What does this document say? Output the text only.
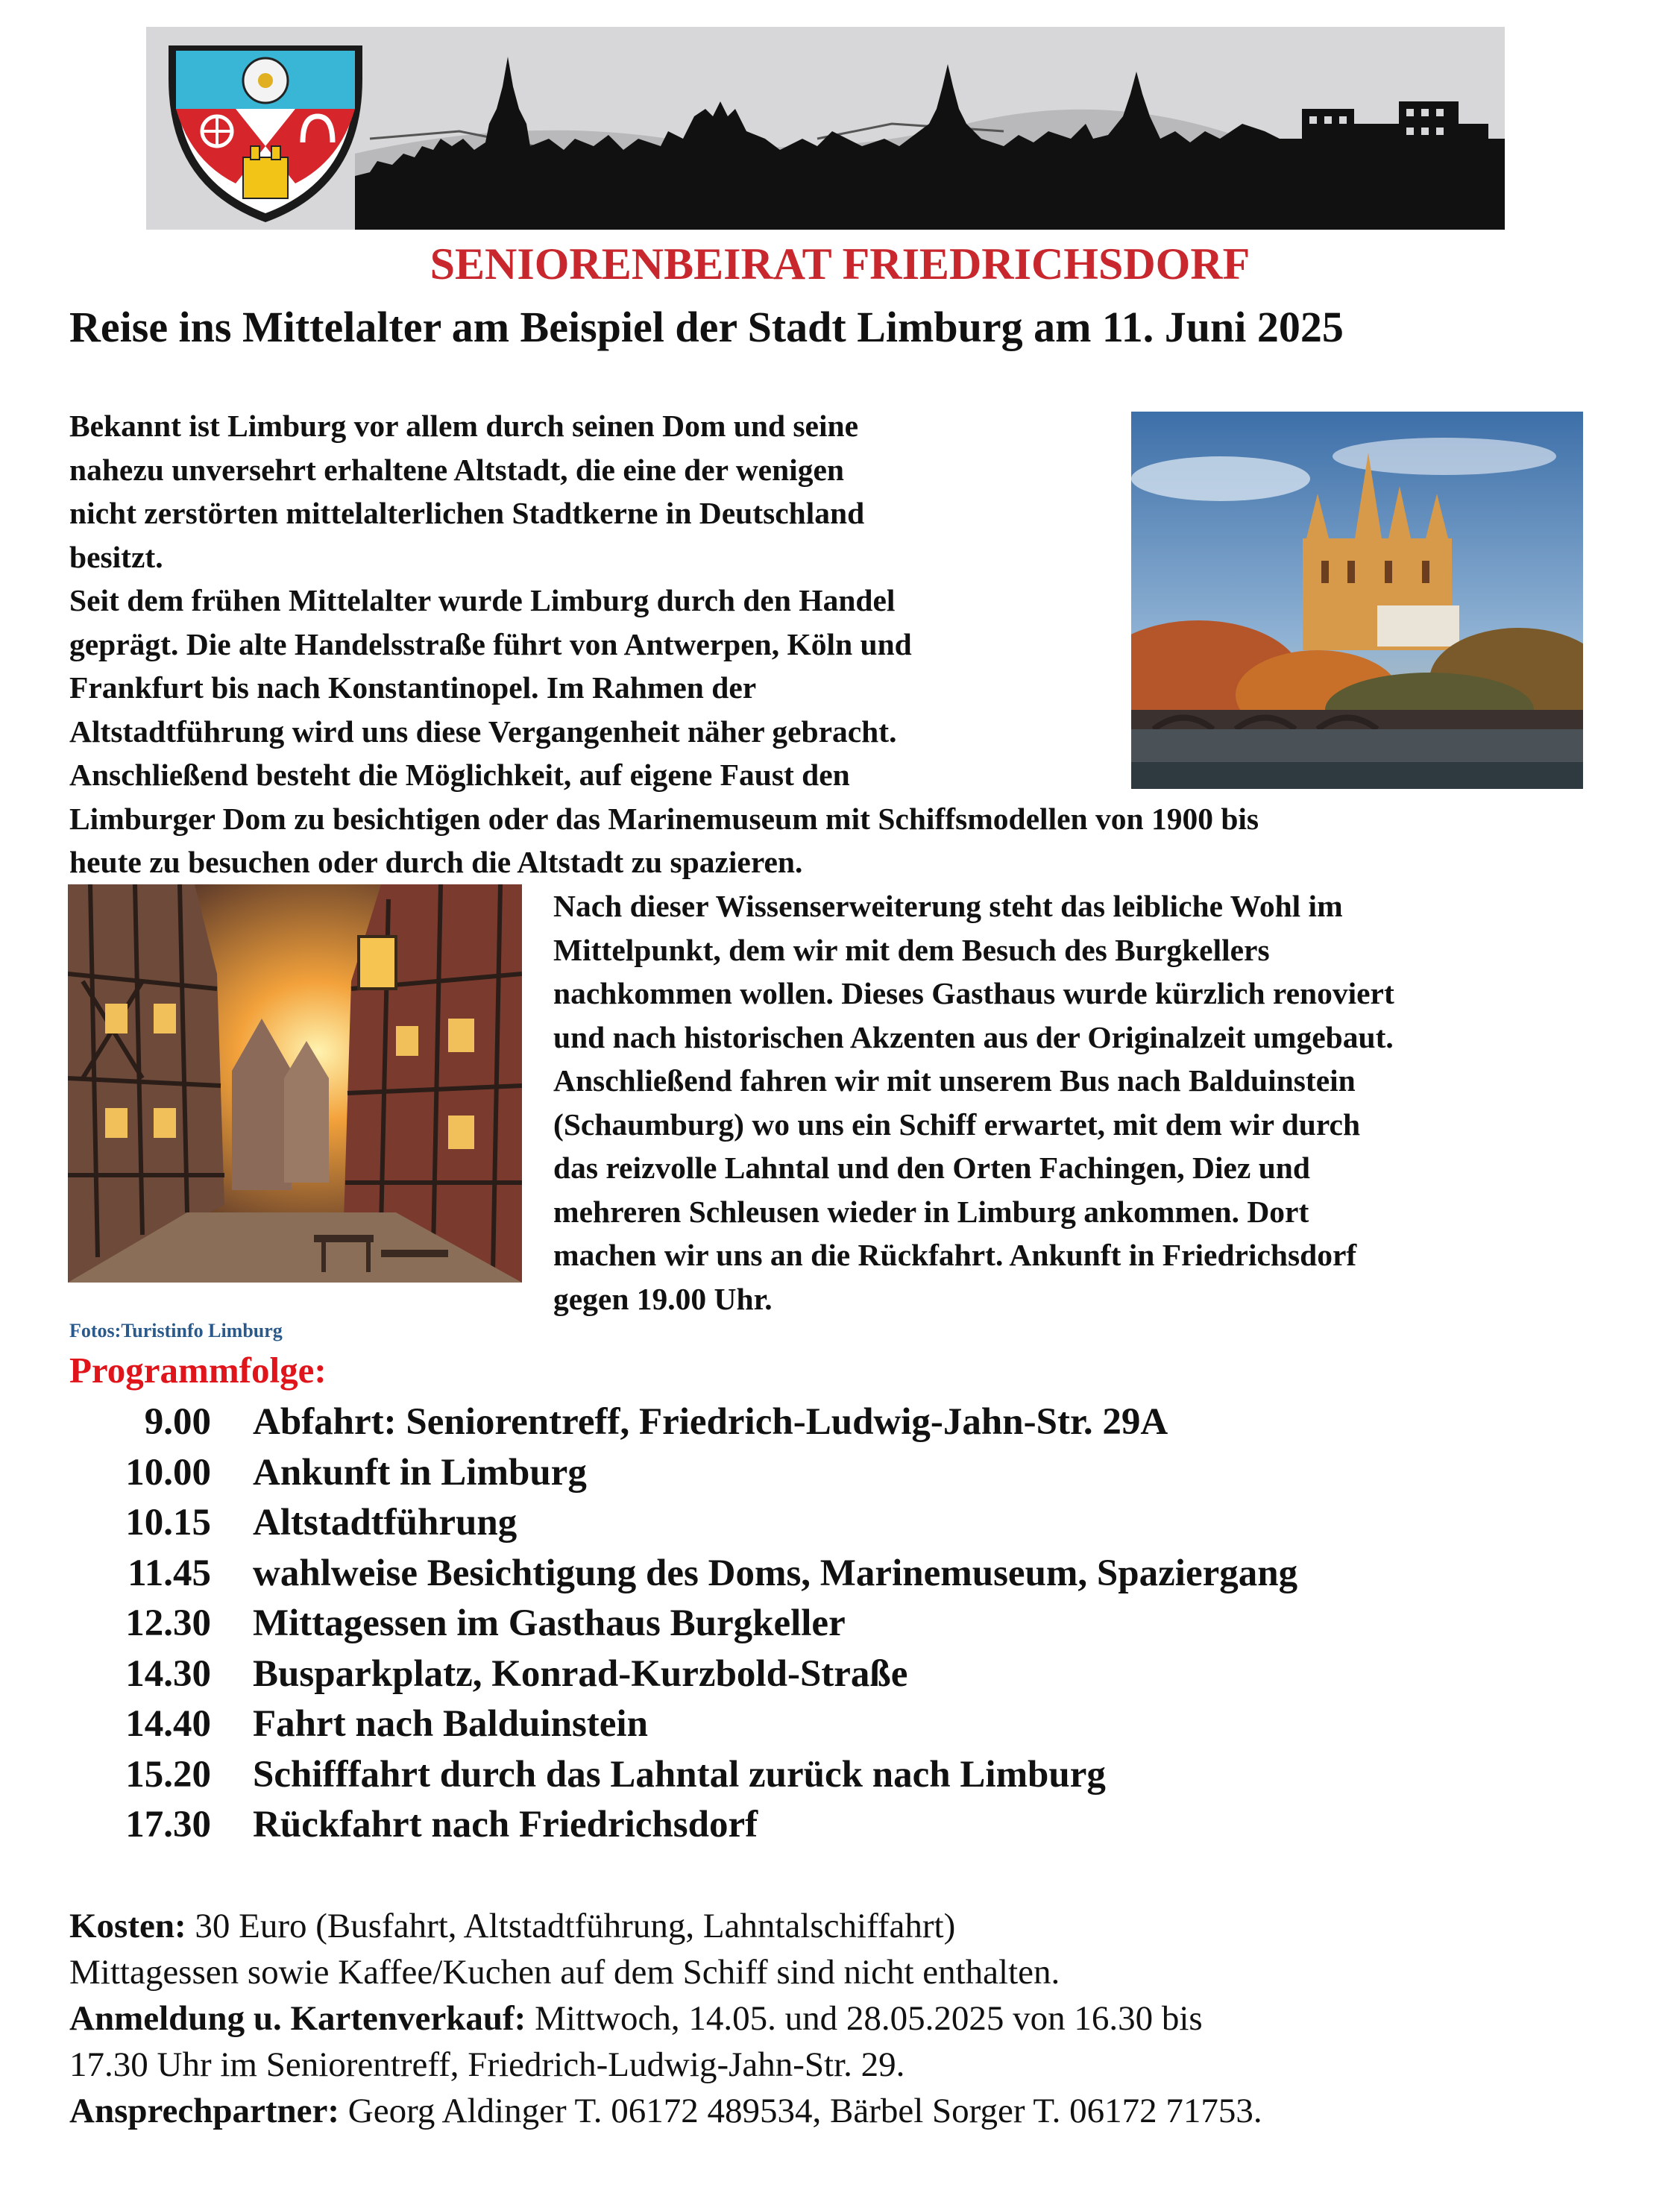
SENIORENBEIRAT FRIEDRICHSDORF
Reise ins Mittelalter am Beispiel der Stadt Limburg am 11. Juni 2025

Bekannt ist Limburg vor allem durch seinen Dom und seine

nahezu unversehrt erhaltene Altstadt, die eine der wenigen

nicht zerstörten mittelalterlichen Stadtkerne in Deutschland

besitzt.

Seit dem frühen Mittelalter wurde Limburg durch den Handel

geprägt. Die alte Handelsstraße führt von Antwerpen, Köln und

Frankfurt bis nach Konstantinopel. Im Rahmen der

Altstadtführung wird uns diese Vergangenheit näher gebracht.

Anschließend besteht die Möglichkeit, auf eigene Faust den

Limburger Dom zu besichtigen oder das Marinemuseum mit Schiffsmodellen von 1900 bis

heute zu besuchen oder durch die Altstadt zu spazieren.

Nach dieser Wissenserweiterung steht das leibliche Wohl im

Mittelpunkt, dem wir mit dem Besuch des Burgkellers

nachkommen wollen. Dieses Gasthaus wurde kürzlich renoviert

und nach historischen Akzenten aus der Originalzeit umgebaut.

Anschließend fahren wir mit unserem Bus nach Balduinstein

(Schaumburg) wo uns ein Schiff erwartet, mit dem wir durch

das reizvolle Lahntal und den Orten Fachingen, Diez und

mehreren Schleusen wieder in Limburg ankommen. Dort

machen wir uns an die Rückfahrt. Ankunft in Friedrichsdorf

gegen 19.00 Uhr.

Fotos:Turistinfo Limburg
Programmfolge:
9.00	Abfahrt: Seniorentreff, Friedrich-Ludwig-Jahn-Str. 29A
10.00	Ankunft in Limburg
10.15	Altstadtführung
11.45	wahlweise Besichtigung des Doms, Marinemuseum, Spaziergang
12.30	Mittagessen im Gasthaus Burgkeller
14.30	Busparkplatz, Konrad-Kurzbold-Straße
14.40	Fahrt nach Balduinstein
15.20	Schifffahrt durch das Lahntal zurück nach Limburg
17.30	Rückfahrt nach Friedrichsdorf

Kosten: 30 Euro (Busfahrt, Altstadtführung, Lahntalschiffahrt)

Mittagessen sowie Kaffee/Kuchen auf dem Schiff sind nicht enthalten.

Anmeldung u. Kartenverkauf: Mittwoch, 14.05. und 28.05.2025 von 16.30 bis

17.30 Uhr im Seniorentreff, Friedrich-Ludwig-Jahn-Str. 29.

Ansprechpartner: Georg Aldinger T. 06172 489534, Bärbel Sorger T. 06172 71753.
